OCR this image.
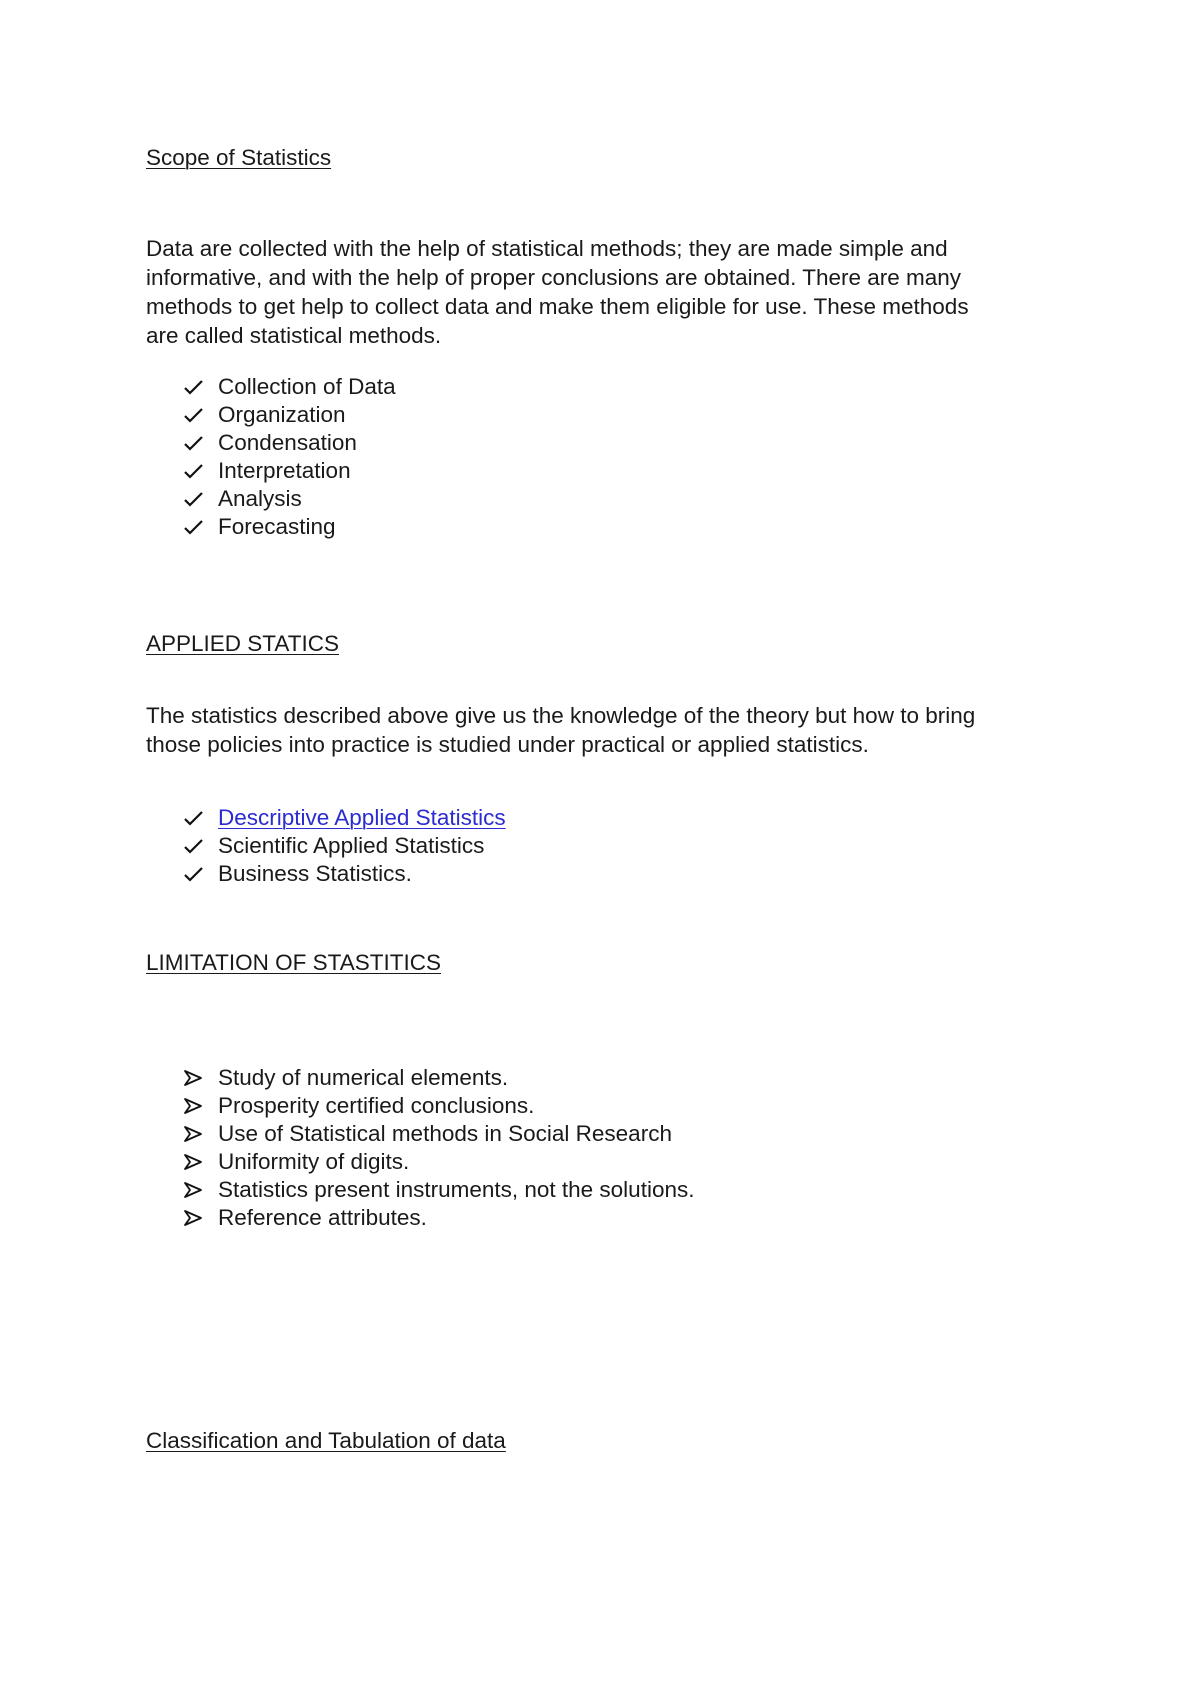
Scope of Statistics

Data are collected with the help of statistical methods; they are made simple and
informative, and with the help of proper conclusions are obtained. There are many
methods to get help to collect data and make them eligible for use. These methods
are called statistical methods.
Collection of Data
Organization
Condensation
Interpretation
Analysis
Forecasting

APPLIED STATICS

The statistics described above give us the knowledge of the theory but how to bring
those policies into practice is studied under practical or applied statistics.
Descriptive Applied Statistics
Scientific Applied Statistics
Business Statistics.

LIMITATION OF STASTITICS

Study of numerical elements.
Prosperity certified conclusions.
Use of Statistical methods in Social Research
Uniformity of digits.
Statistics present instruments, not the solutions.
Reference attributes.

Classification and Tabulation of data
